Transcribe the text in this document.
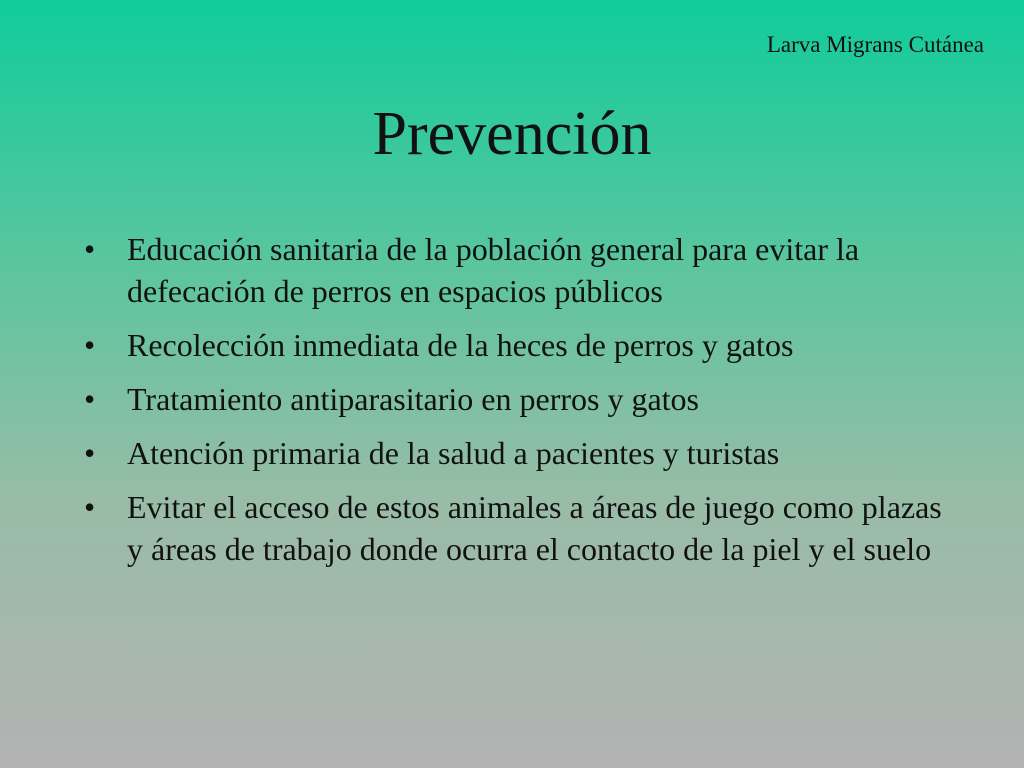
Larva Migrans Cutánea
Prevención
• Educación sanitaria de la población general para evitar la defecación de perros en espacios públicos
• Recolección inmediata de la heces de perros y gatos
• Tratamiento antiparasitario en perros y gatos
• Atención primaria de la salud a pacientes y turistas
• Evitar el acceso de estos animales a áreas de juego como plazas y áreas de trabajo donde ocurra el contacto de la piel y el suelo
